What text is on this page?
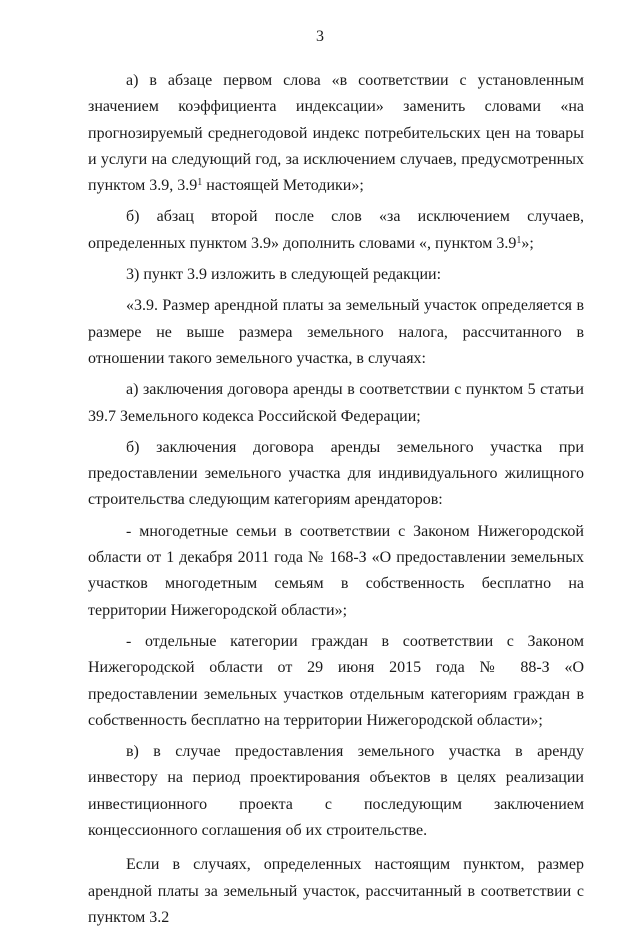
3

а) в абзаце первом слова «в соответствии с установленным значением коэффициента индексации» заменить словами «на прогнозируемый среднегодовой индекс потребительских цен на товары и услуги на следующий год, за исключением случаев, предусмотренных пунктом 3.9, $3.9^1$ настоящей Методики»;

б) абзац второй после слов «за исключением случаев, определенных пунктом 3.9» дополнить словами «, пунктом $3.9^1$»;

3) пункт 3.9 изложить в следующей редакции:

«3.9. Размер арендной платы за земельный участок определяется в размере не выше размера земельного налога, рассчитанного в отношении такого земельного участка, в случаях:

а) заключения договора аренды в соответствии с пунктом 5 статьи 39.7 Земельного кодекса Российской Федерации;

б) заключения договора аренды земельного участка при предоставлении земельного участка для индивидуального жилищного строительства следующим категориям арендаторов:

- многодетные семьи в соответствии с Законом Нижегородской области от 1 декабря 2011 года № 168-З «О предоставлении земельных участков многодетным семьям в собственность бесплатно на территории Нижегородской области»;

- отдельные категории граждан в соответствии с Законом Нижегородской области от 29 июня 2015 года № 88-З «О предоставлении земельных участков отдельным категориям граждан в собственность бесплатно на территории Нижегородской области»;

в) в случае предоставления земельного участка в аренду инвестору на период проектирования объектов в целях реализации инвестиционного проекта с последующим заключением концессионного соглашения об их строительстве.

Если в случаях, определенных настоящим пунктом, размер арендной платы за земельный участок, рассчитанный в соответствии с пунктом 3.2
